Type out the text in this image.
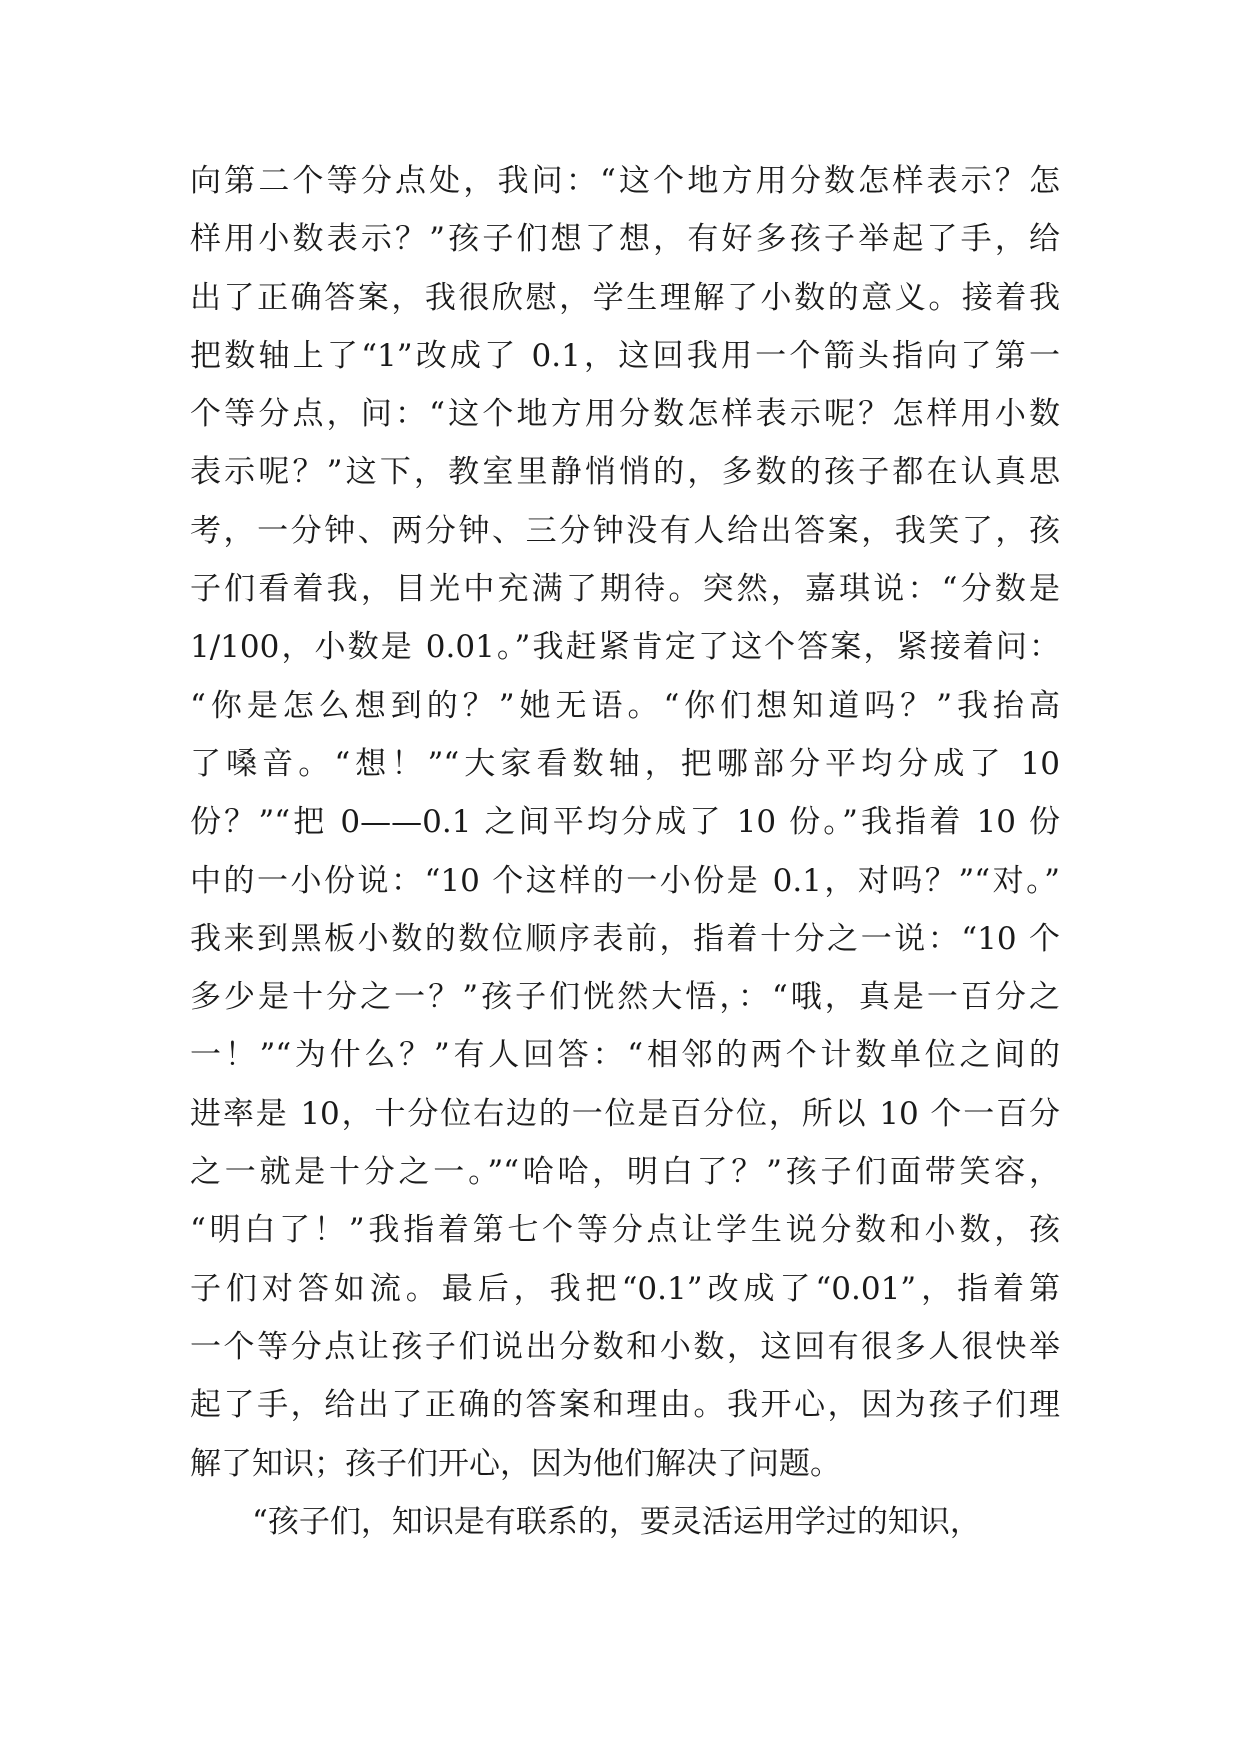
向第二个等分点处，我问：“这个地方用分数怎样表示？怎
样用小数表示？”孩子们想了想，有好多孩子举起了手，给
出了正确答案，我很欣慰，学生理解了小数的意义。接着我
把数轴上了“1”改成了 0.1，这回我用一个箭头指向了第一
个等分点，问：“这个地方用分数怎样表示呢？怎样用小数
表示呢？”这下，教室里静悄悄的，多数的孩子都在认真思
考，一分钟、两分钟、三分钟没有人给出答案，我笑了，孩
子们看着我，目光中充满了期待。突然，嘉琪说：“分数是
1/100，小数是 0.01。”我赶紧肯定了这个答案，紧接着问：
“你是怎么想到的？”她无语。“你们想知道吗？”我抬高
了嗓音。“想！”“大家看数轴，把哪部分平均分成了 10
份？”“把 0——0.1 之间平均分成了 10 份。”我指着 10 份
中的一小份说：“10 个这样的一小份是 0.1，对吗？”“对。”
我来到黑板小数的数位顺序表前，指着十分之一说：“10 个
多少是十分之一？”孩子们恍然大悟，：“哦，真是一百分之
一！”“为什么？”有人回答：“相邻的两个计数单位之间的
进率是 10，十分位右边的一位是百分位，所以 10 个一百分
之一就是十分之一。”“哈哈，明白了？”孩子们面带笑容，
“明白了！”我指着第七个等分点让学生说分数和小数，孩
子们对答如流。最后，我把“0.1”改成了“0.01”，指着第
一个等分点让孩子们说出分数和小数，这回有很多人很快举
起了手，给出了正确的答案和理由。我开心，因为孩子们理
解了知识；孩子们开心，因为他们解决了问题。
“孩子们，知识是有联系的，要灵活运用学过的知识，
